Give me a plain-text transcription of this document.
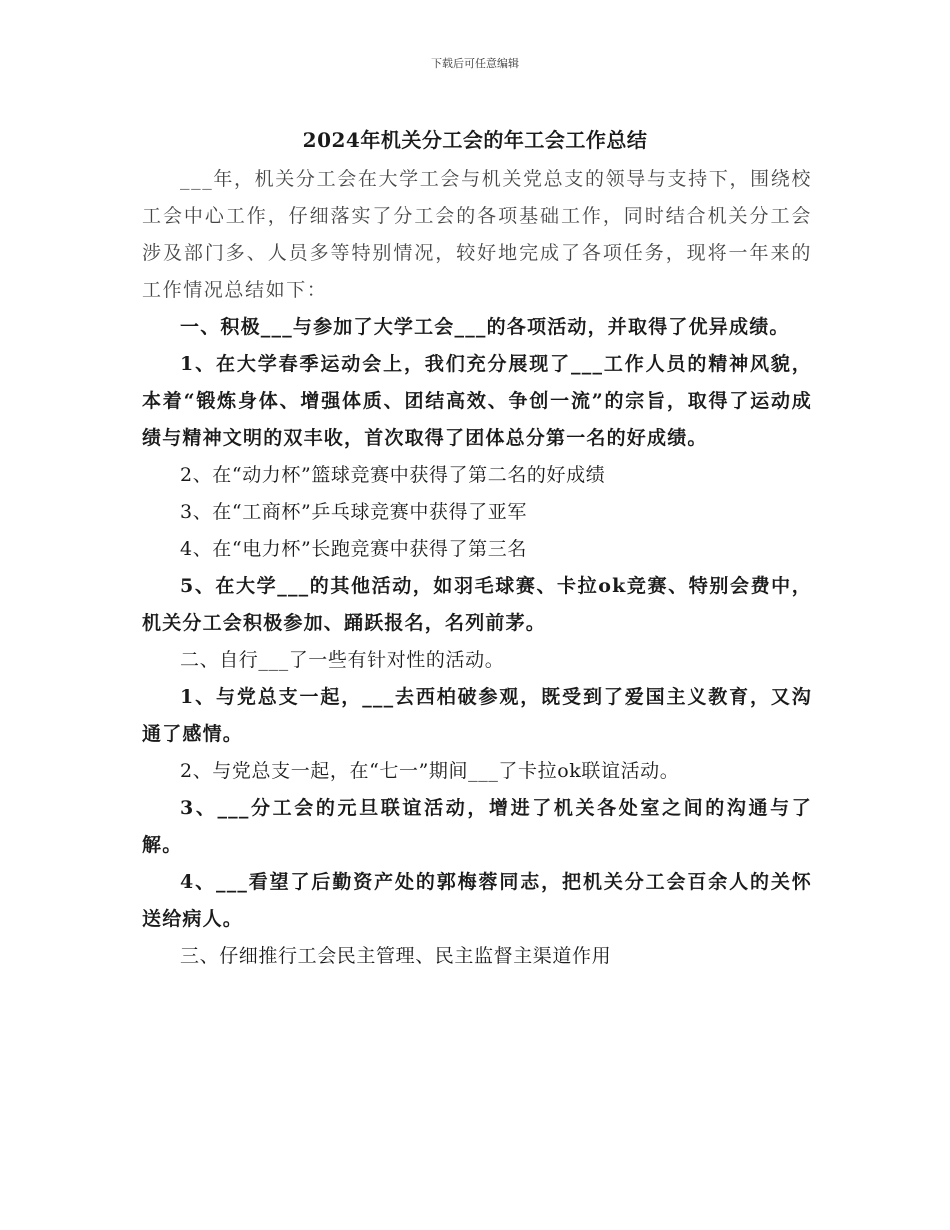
下载后可任意编辑
2024年机关分工会的年工会工作总结

___年，机关分工会在大学工会与机关党总支的领导与支持下，围绕校工会中心工作，仔细落实了分工会的各项基础工作，同时结合机关分工会涉及部门多、人员多等特别情况，较好地完成了各项任务，现将一年来的工作情况总结如下：

一、积极___与参加了大学工会___的各项活动，并取得了优异成绩。

1、在大学春季运动会上，我们充分展现了___工作人员的精神风貌，本着“锻炼身体、增强体质、团结高效、争创一流”的宗旨，取得了运动成绩与精神文明的双丰收，首次取得了团体总分第一名的好成绩。

2、在“动力杯”篮球竞赛中获得了第二名的好成绩

3、在“工商杯”乒乓球竞赛中获得了亚军

4、在“电力杯”长跑竞赛中获得了第三名

5、在大学___的其他活动，如羽毛球赛、卡拉ok竞赛、特别会费中，机关分工会积极参加、踊跃报名，名列前茅。

二、自行___了一些有针对性的活动。

1、与党总支一起，___去西柏破参观，既受到了爱国主义教育，又沟通了感情。

2、与党总支一起，在“七一”期间___了卡拉ok联谊活动。

3、___分工会的元旦联谊活动，增进了机关各处室之间的沟通与了解。

4、___看望了后勤资产处的郭梅蓉同志，把机关分工会百余人的关怀送给病人。

三、仔细推行工会民主管理、民主监督主渠道作用
